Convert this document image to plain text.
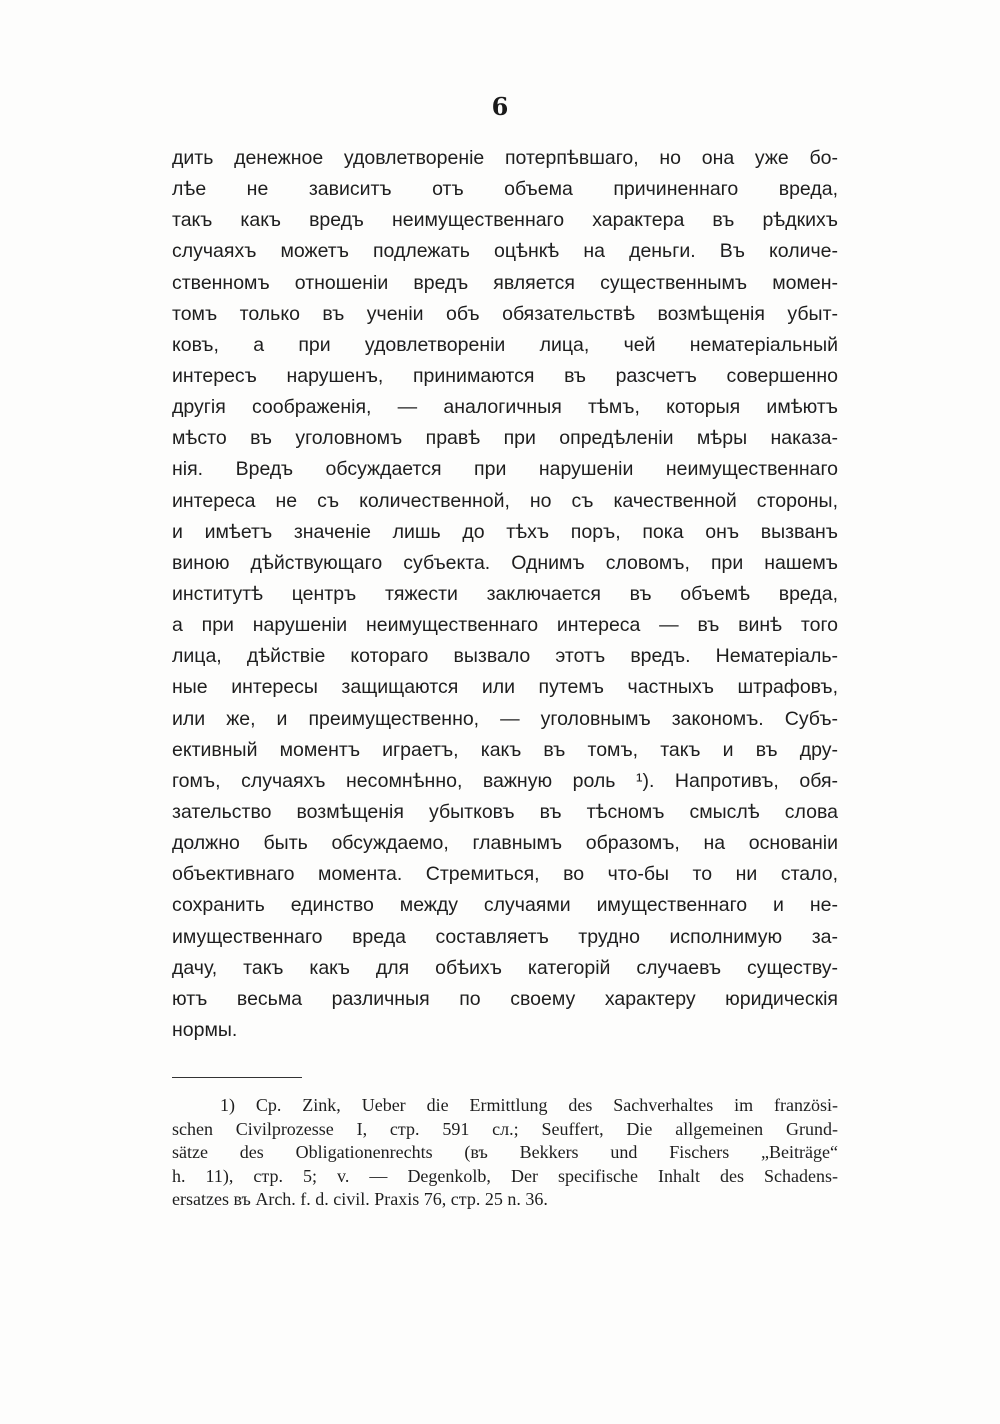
6
дить денежное удовлетворенiе потерпѣвшаго, но она уже бо-
лѣе не зависитъ отъ объема причиненнаго вреда,
такъ какъ вредъ неимущественнаго характера въ рѣдкихъ
случаяхъ можетъ подлежать оцѣнкѣ на деньги. Въ количе-
ственномъ отношенiи вредъ является существеннымъ момен-
томъ только въ ученiи объ обязательствѣ возмѣщенiя убыт-
ковъ, а при удовлетворенiи лица, чей нематерiальный
интересъ нарушенъ, принимаются въ разсчетъ совершенно
другiя соображенiя, — аналогичныя тѣмъ, которыя имѣютъ
мѣсто въ уголовномъ правѣ при опредѣленiи мѣры наказа-
нiя. Вредъ обсуждается при нарушенiи неимущественнаго
интереса не съ количественной, но съ качественной стороны,
и имѣетъ значенiе лишь до тѣхъ поръ, пока онъ вызванъ
виною дѣйствующаго субъекта. Однимъ словомъ, при нашемъ
институтѣ центръ тяжести заключается въ объемѣ вреда,
а при нарушенiи неимущественнаго интереса — въ винѣ того
лица, дѣйствiе котораго вызвало этотъ вредъ. Нематерiаль-
ные интересы защищаются или путемъ частныхъ штрафовъ,
или же, и преимущественно, — уголовнымъ закономъ. Субъ-
ективный моментъ играетъ, какъ въ томъ, такъ и въ дру-
гомъ, случаяхъ несомнѣнно, важную роль ¹). Напротивъ, обя-
зательство возмѣщенiя убытковъ въ тѣсномъ смыслѣ слова
должно быть обсуждаемо, главнымъ образомъ, на основанiи
объективнаго момента. Стремиться, во что-бы то ни стало,
сохранить единство между случаями имущественнаго и не-
имущественнаго вреда составляетъ трудно исполнимую за-
дачу, такъ какъ для обѣихъ категорiй случаевъ существу-
ютъ весьма различныя по своему характеру юридическiя
нормы.
1) Ср. Zink, Ueber die Ermittlung des Sachverhaltes im französi-
schen Civilprozesse I, стр. 591 сл.; Seuffert, Die allgemeinen Grund-
sätze des Obligationenrechts (въ Bekkers und Fischers „Beiträge“
h. 11), стр. 5; v. — Degenkolb, Der specifische Inhalt des Schadens-
ersatzes въ Arch. f. d. civil. Praxis 76, стр. 25 n. 36.
